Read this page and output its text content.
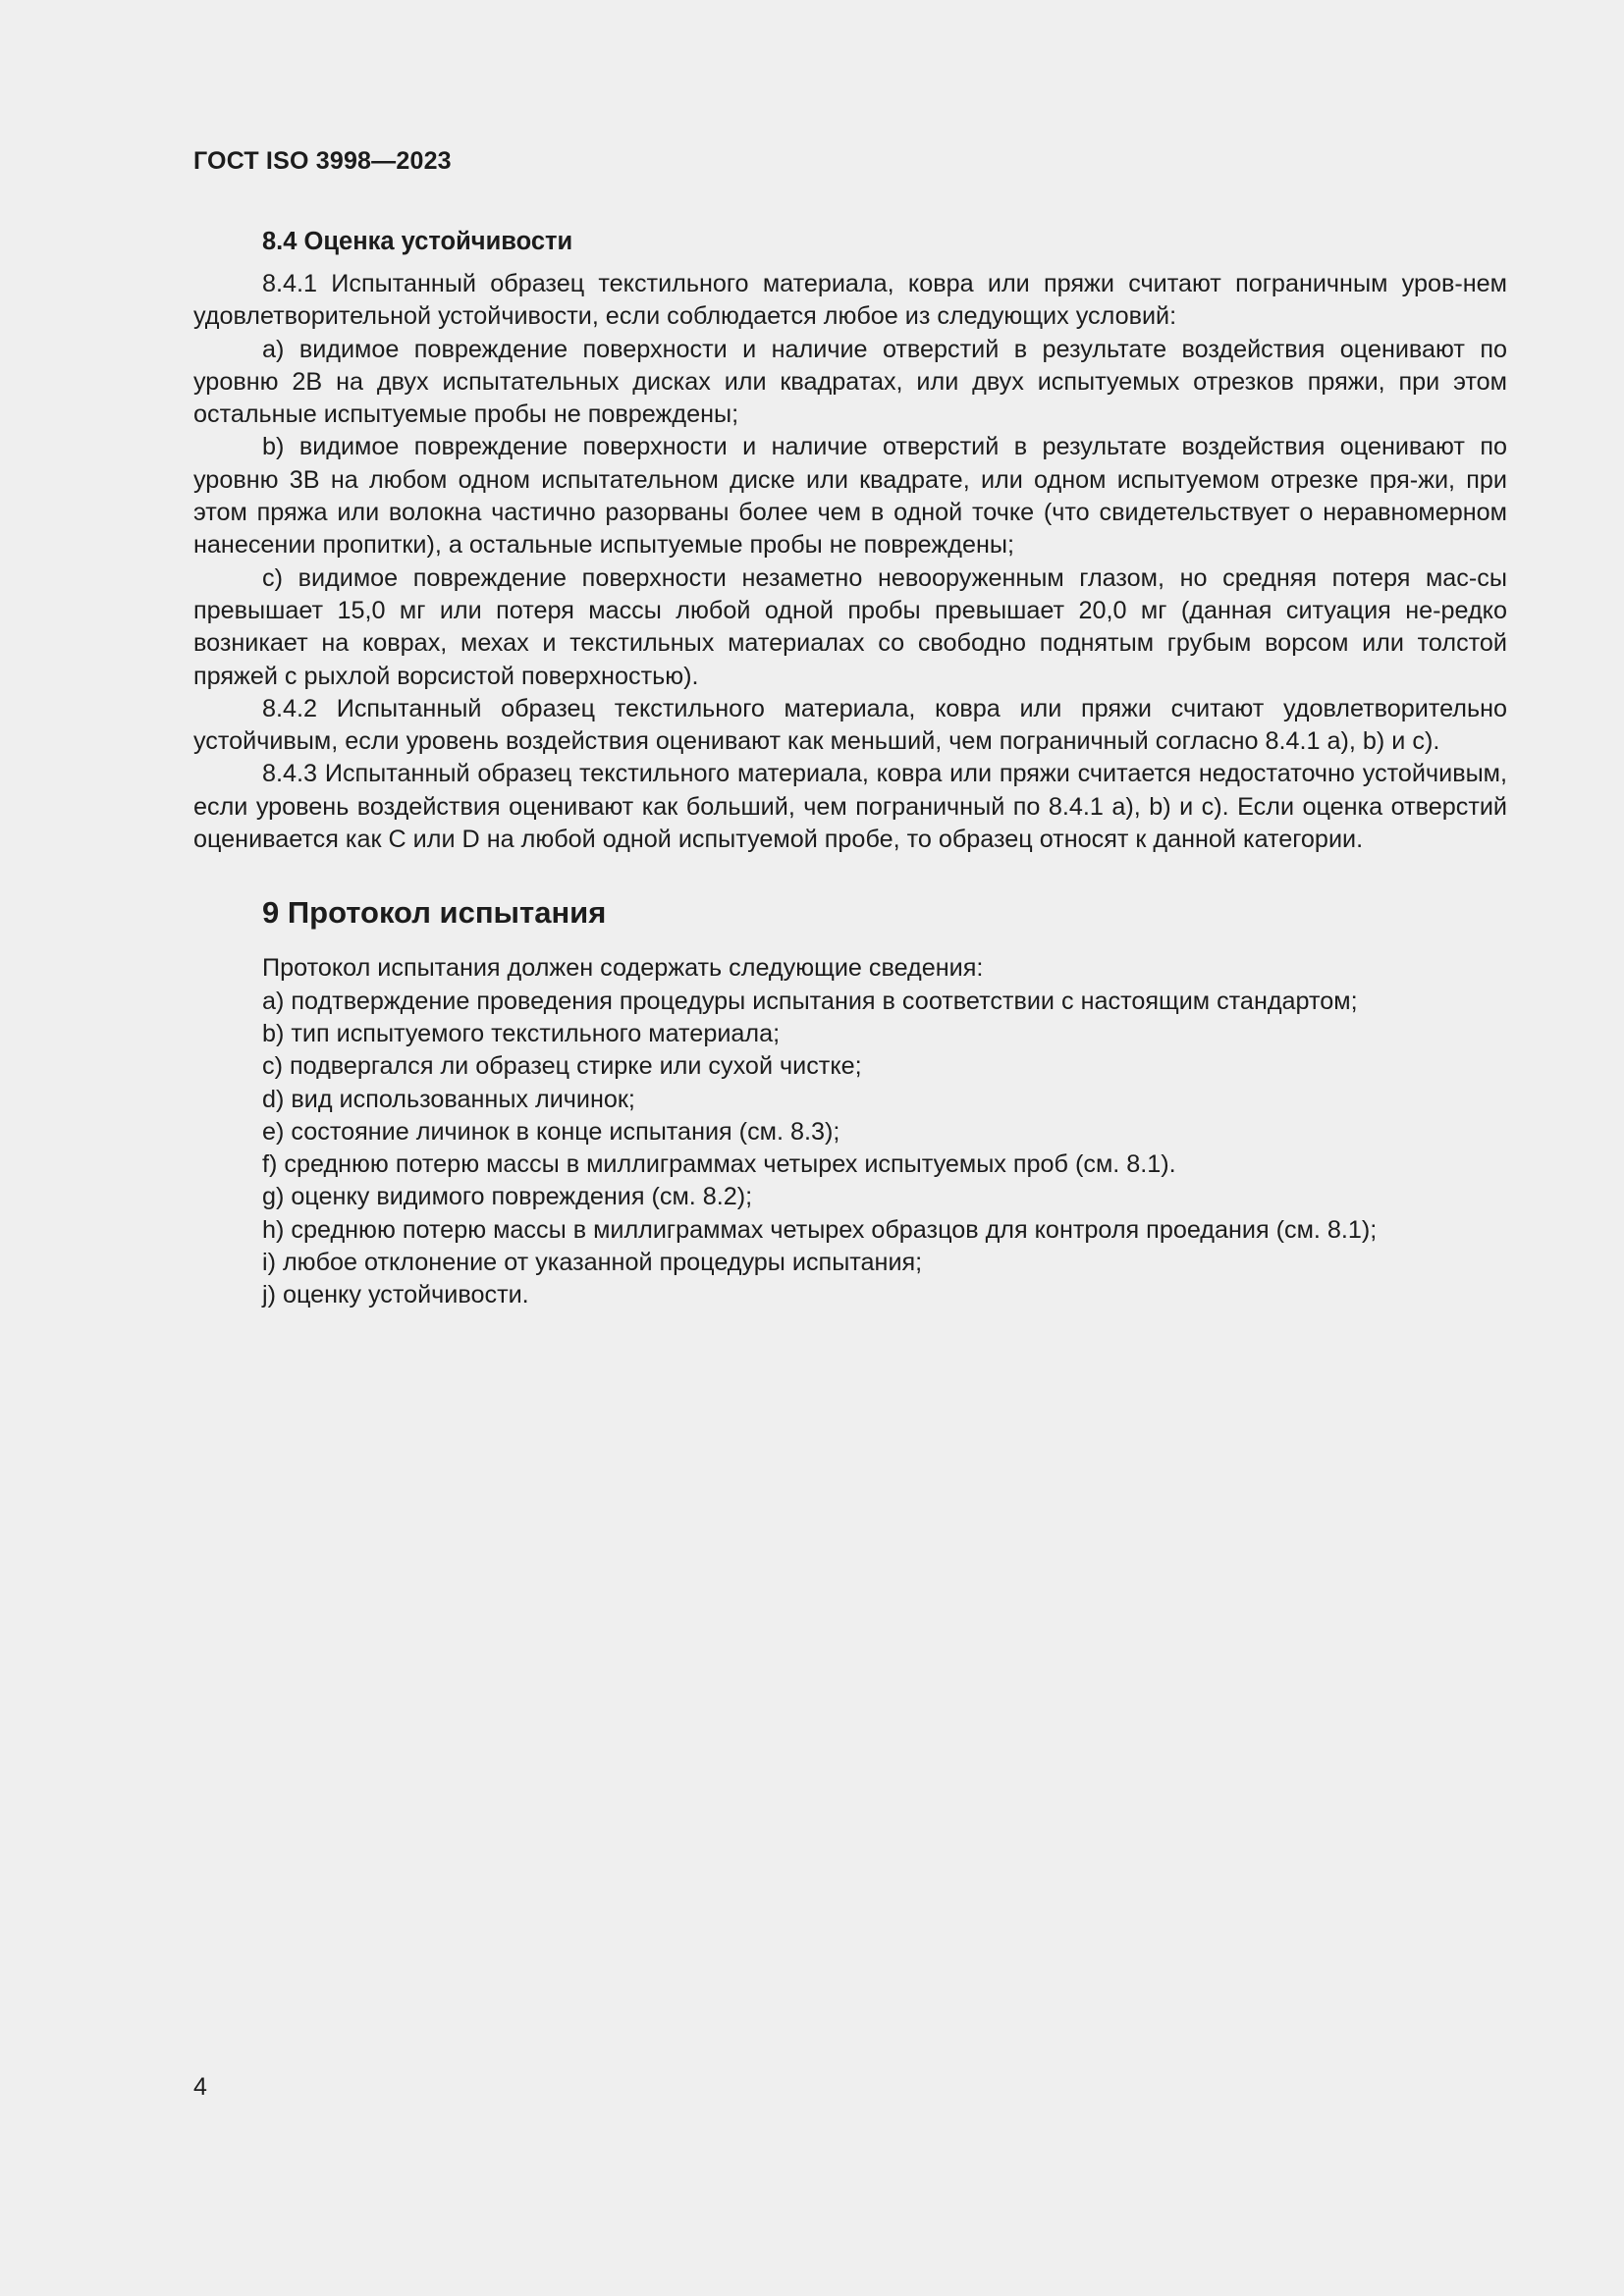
ГОСТ ISO 3998—2023
8.4 Оценка устойчивости

8.4.1 Испытанный образец текстильного материала, ковра или пряжи считают пограничным уров-нем удовлетворительной устойчивости, если соблюдается любое из следующих условий:

a) видимое повреждение поверхности и наличие отверстий в результате воздействия оценивают по уровню 2B на двух испытательных дисках или квадратах, или двух испытуемых отрезков пряжи, при этом остальные испытуемые пробы не повреждены;

b) видимое повреждение поверхности и наличие отверстий в результате воздействия оценивают по уровню 3B на любом одном испытательном диске или квадрате, или одном испытуемом отрезке пря-жи, при этом пряжа или волокна частично разорваны более чем в одной точке (что свидетельствует о неравномерном нанесении пропитки), а остальные испытуемые пробы не повреждены;

c) видимое повреждение поверхности незаметно невооруженным глазом, но средняя потеря мас-сы превышает 15,0 мг или потеря массы любой одной пробы превышает 20,0 мг (данная ситуация не-редко возникает на коврах, мехах и текстильных материалах со свободно поднятым грубым ворсом или толстой пряжей с рыхлой ворсистой поверхностью).

8.4.2 Испытанный образец текстильного материала, ковра или пряжи считают удовлетворительно устойчивым, если уровень воздействия оценивают как меньший, чем пограничный согласно 8.4.1 a), b) и c).

8.4.3 Испытанный образец текстильного материала, ковра или пряжи считается недостаточно устойчивым, если уровень воздействия оценивают как больший, чем пограничный по 8.4.1 a), b) и c). Если оценка отверстий оценивается как C или D на любой одной испытуемой пробе, то образец относят к данной категории.

9 Протокол испытания

Протокол испытания должен содержать следующие сведения:

a) подтверждение проведения процедуры испытания в соответствии с настоящим стандартом;

b) тип испытуемого текстильного материала;

c) подвергался ли образец стирке или сухой чистке;

d) вид использованных личинок;

e) состояние личинок в конце испытания (см. 8.3);

f) среднюю потерю массы в миллиграммах четырех испытуемых проб (см. 8.1).

g) оценку видимого повреждения (см. 8.2);

h) среднюю потерю массы в миллиграммах четырех образцов для контроля проедания (см. 8.1);

i) любое отклонение от указанной процедуры испытания;

j) оценку устойчивости.

4
